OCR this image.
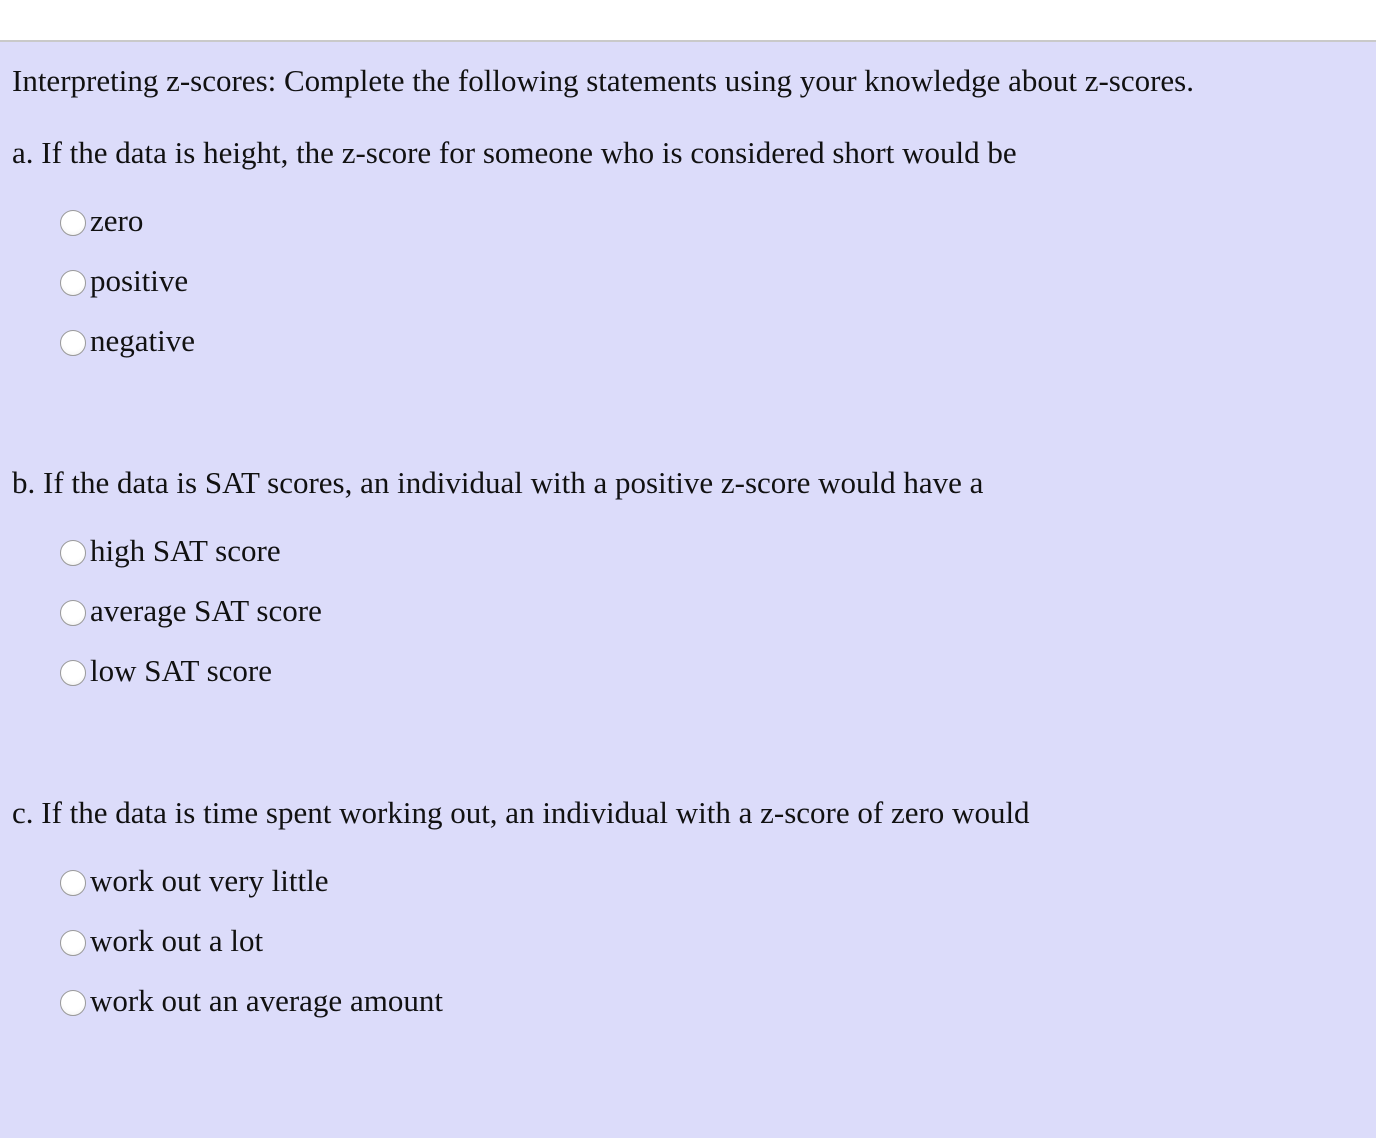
Interpreting z-scores: Complete the following statements using your knowledge about z-scores.
a. If the data is height, the z-score for someone who is considered short would be
zero
positive
negative
b. If the data is SAT scores, an individual with a positive z-score would have a
high SAT score
average SAT score
low SAT score
c. If the data is time spent working out, an individual with a z-score of zero would
work out very little
work out a lot
work out an average amount
